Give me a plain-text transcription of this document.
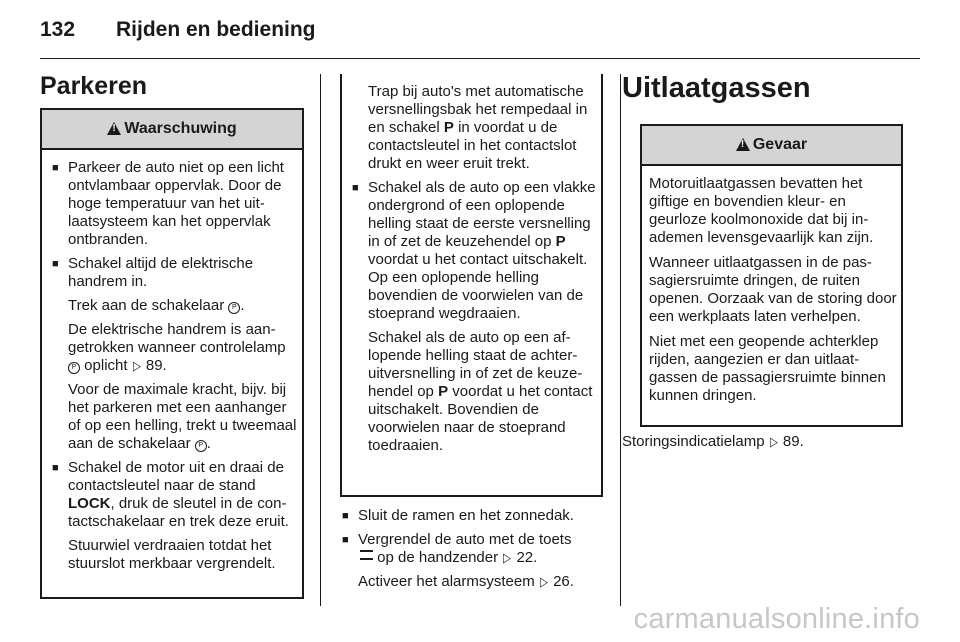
132 Rijden en bediening
Parkeren
!
Waarschuwing

■ Parkeer de auto niet op een licht ontvlambaar oppervlak. Door de hoge temperatuur van het uitlaatsysteem kan het oppervlak ontbranden.

■ Schakel altijd de elektrische handrem in.

Trek aan de schakelaar P .

De elektrische handrem is aangetrokken wanneer controlelamp P oplicht ▷ 89.

Voor de maximale kracht, bijv. bij het parkeren met een aanhanger of op een helling, trekt u tweemaal aan de schakelaar P .

■ Schakel de motor uit en draai de contactsleutel naar de stand LOCK, druk de sleutel in de contactschakelaar en trek deze eruit.

Stuurwiel verdraaien totdat het stuurslot merkbaar vergrendelt.

Trap bij auto's met automatische versnellingsbak het rempedaal in en schakel P in voordat u de contactsleutel in het contactslot drukt en weer eruit trekt.

■ Schakel als de auto op een vlakke ondergrond of een oplopende helling staat de eerste versnelling in of zet de keuzehendel op P voordat u het contact uitschakelt. Op een oplopende helling bovendien de voorwielen van de stoeprand wegdraaien.

Schakel als de auto op een aflopende helling staat de achteruitversnelling in of zet de keuzehendel op P voordat u het contact uitschakelt. Bovendien de voorwielen naar de stoeprand toedraaien.

■ Sluit de ramen en het zonnedak.

■ Vergrendel de auto met de toets
op de handzender ▷ 22.

Activeer het alarmsysteem ▷ 26.

Uitlaatgassen
!
Gevaar

Motoruitlaatgassen bevatten het giftige en bovendien kleur- en geurloze koolmonoxide dat bij inademen levensgevaarlijk kan zijn.

Wanneer uitlaatgassen in de passagiersruimte dringen, de ruiten openen. Oorzaak van de storing door een werkplaats laten verhelpen.

Niet met een geopende achterklep rijden, aangezien er dan uitlaatgassen de passagiersruimte binnen kunnen dringen.

Storingsindicatielamp ▷ 89.
carmanualsonline.info
